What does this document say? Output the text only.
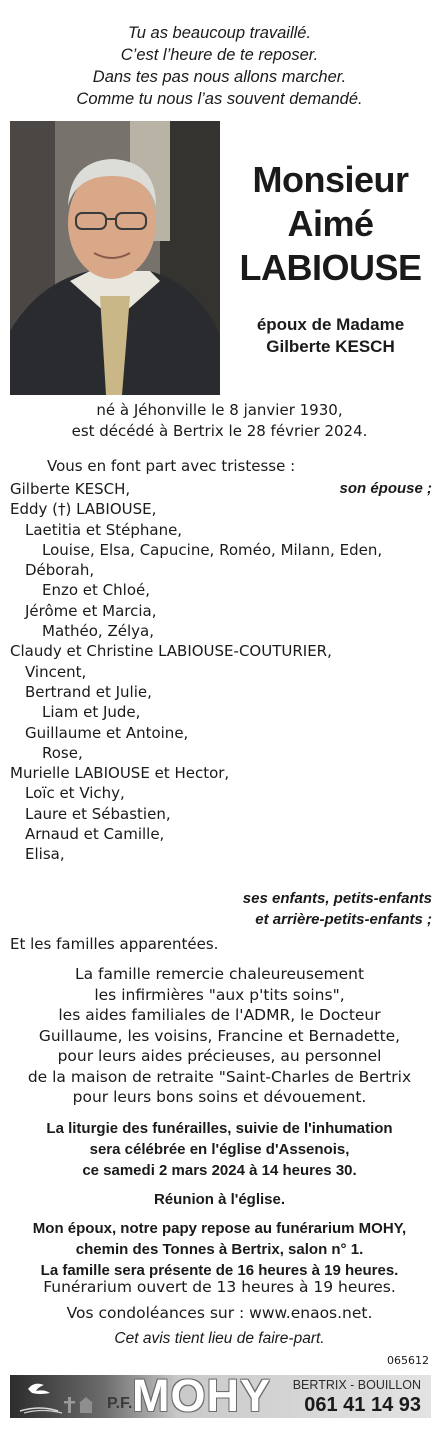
Tu as beaucoup travaillé.
C’est l’heure de te reposer.
Dans tes pas nous allons marcher.
Comme tu nous l’as souvent demandé.
Monsieur
Aimé
LABIOUSE
époux de Madame
Gilberte KESCH
né à Jéhonville le 8 janvier 1930,
est décédé à Bertrix le 28 février 2024.
Vous en font part avec tristesse :
Gilberte KESCH,	son épouse ;
Eddy (†) LABIOUSE,
Laetitia et Stéphane,
Louise, Elsa, Capucine, Roméo, Milann, Eden,
Déborah,
Enzo et Chloé,
Jérôme et Marcia,
Mathéo, Zélya,
Claudy et Christine LABIOUSE-COUTURIER,
Vincent,
Bertrand et Julie,
Liam et Jude,
Guillaume et Antoine,
Rose,
Murielle LABIOUSE et Hector,
Loïc et Vichy,
Laure et Sébastien,
Arnaud et Camille,
Elisa,
ses enfants, petits-enfants
et arrière-petits-enfants ;
Et les familles apparentées.
La famille remercie chaleureusement
les infirmières "aux p'tits soins",
les aides familiales de l'ADMR, le Docteur
Guillaume, les voisins, Francine et Bernadette,
pour leurs aides précieuses, au personnel
de la maison de retraite "Saint-Charles de Bertrix
pour leurs bons soins et dévouement.
La liturgie des funérailles, suivie de l'inhumation
sera célébrée en l'église d'Assenois,
ce samedi 2 mars 2024 à 14 heures 30.
Réunion à l'église.
Mon époux, notre papy repose au funérarium MOHY,
chemin des Tonnes à Bertrix, salon n° 1.
La famille sera présente de 16 heures à 19 heures.
Funérarium ouvert de 13 heures à 19 heures.
Vos condoléances sur : www.enaos.net.
Cet avis tient lieu de faire-part.
065612
P.F. MOHY BERTRIX - BOUILLON
061 41 14 93
